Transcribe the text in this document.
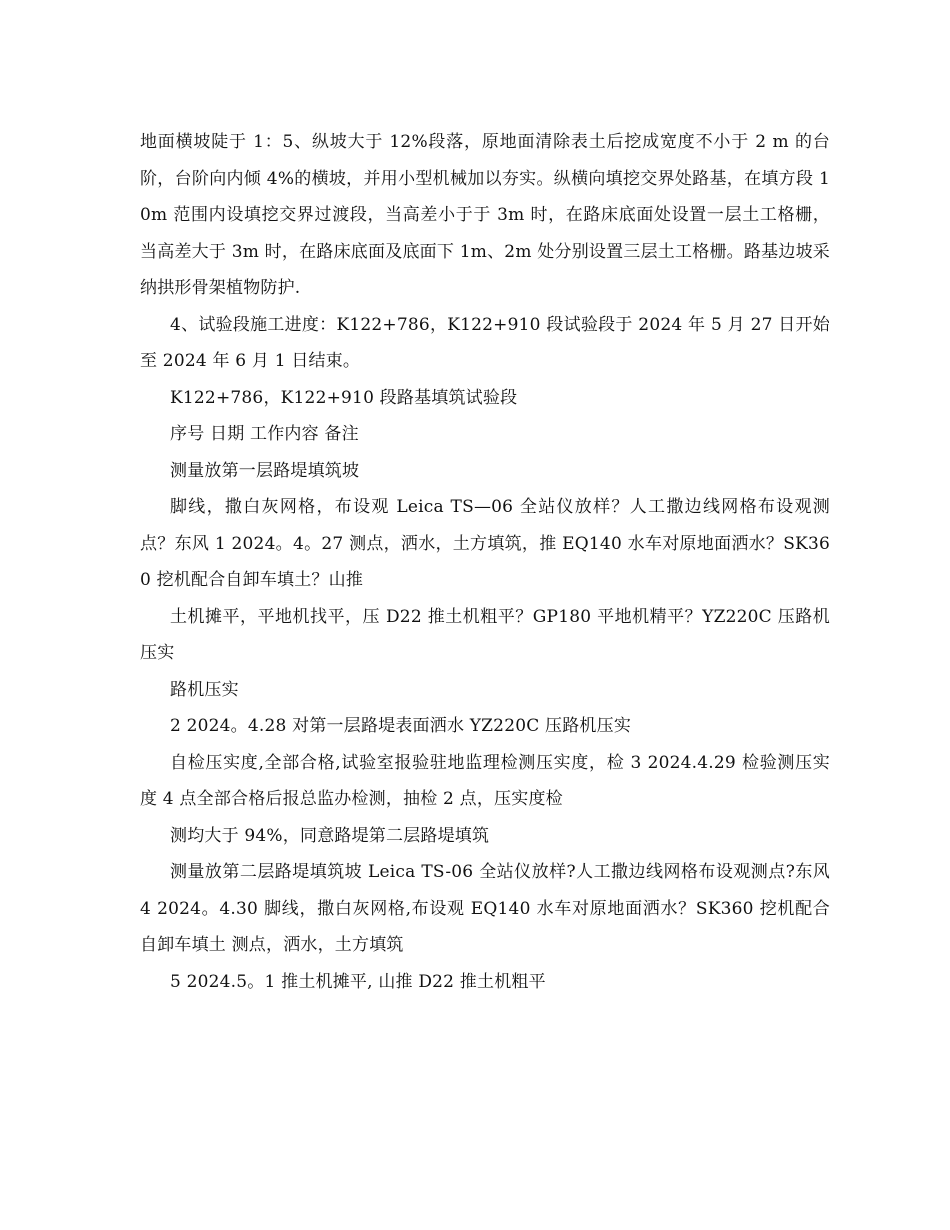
地面横坡陡于 1：5、纵坡大于 12%段落，原地面清除表土后挖成宽度不小于 2 m 的台阶，台阶向内倾 4%的横坡，并用小型机械加以夯实。纵横向填挖交界处路基，在填方段 10m 范围内设填挖交界过渡段，当高差小于于 3m 时，在路床底面处设置一层土工格栅，当高差大于 3m 时，在路床底面及底面下 1m、2m 处分别设置三层土工格栅。路基边坡采纳拱形骨架植物防护.

4、试验段施工进度：K122+786，K122+910 段试验段于 2024 年 5 月 27 日开始至 2024 年 6 月 1 日结束。

K122+786，K122+910 段路基填筑试验段

序号 日期 工作内容 备注

测量放第一层路堤填筑坡

脚线，撒白灰网格，布设观 Leica TS—06 全站仪放样？人工撒边线网格布设观测点？东风 1 2024。4。27 测点，洒水，土方填筑，推 EQ140 水车对原地面洒水？SK360 挖机配合自卸车填土？山推

土机摊平，平地机找平，压 D22 推土机粗平？GP180 平地机精平？YZ220C 压路机压实

路机压实

2 2024。4.28 对第一层路堤表面洒水 YZ220C 压路机压实

自检压实度,全部合格,试验室报验驻地监理检测压实度，检 3 2024.4.29 检验测压实度 4 点全部合格后报总监办检测，抽检 2 点，压实度检

测均大于 94%，同意路堤第二层路堤填筑

测量放第二层路堤填筑坡 Leica TS-06 全站仪放样?人工撒边线网格布设观测点?东风 4 2024。4.30 脚线，撒白灰网格,布设观 EQ140 水车对原地面洒水？SK360 挖机配合自卸车填土 测点，洒水，土方填筑

5 2024.5。1 推土机摊平, 山推 D22 推土机粗平
